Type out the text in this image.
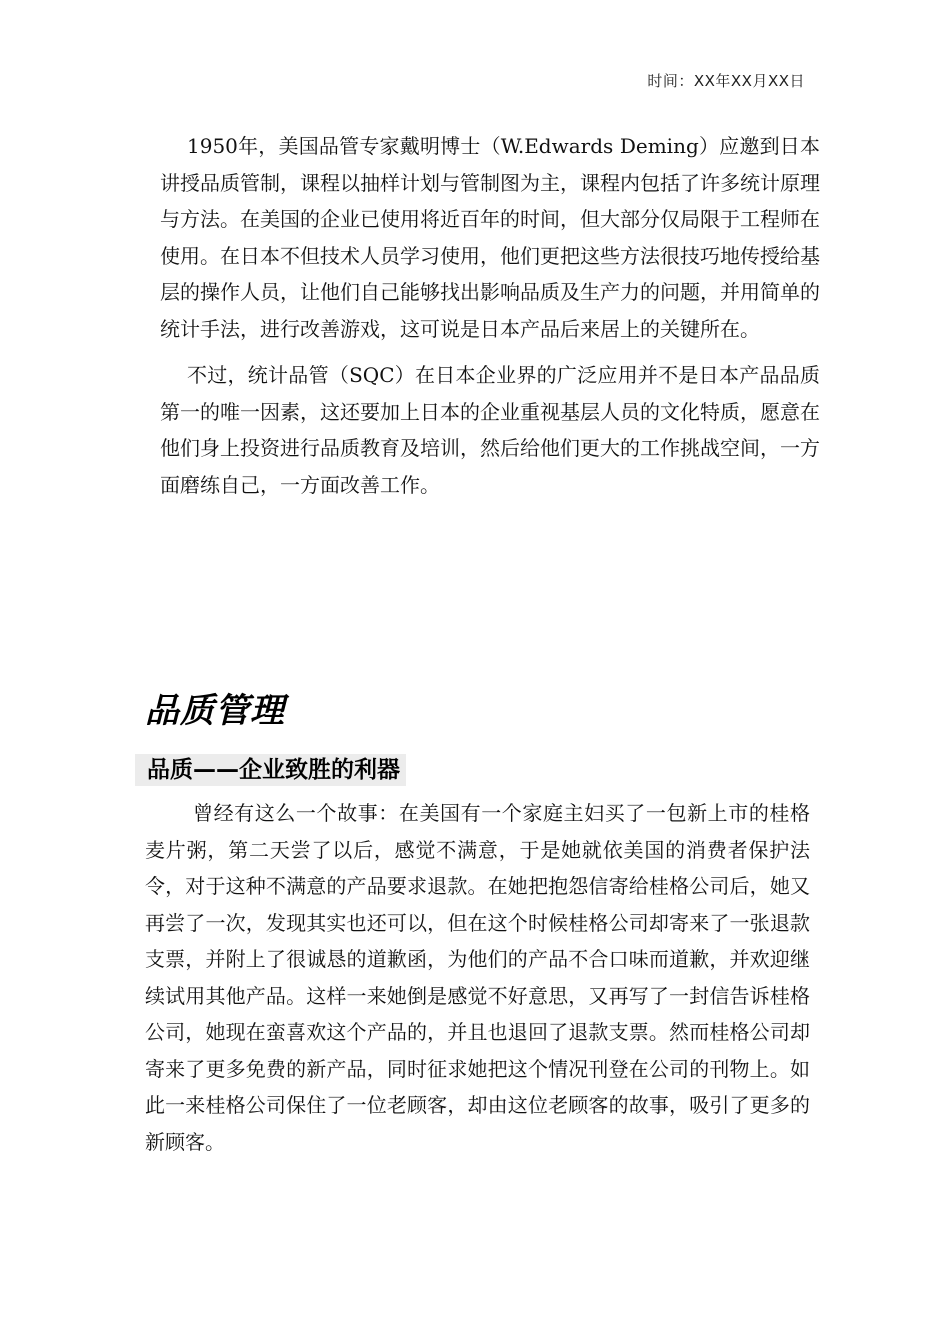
时间：XX年XX月XX日

1950年，美国品管专家戴明博士（W.Edwards Deming）应邀到日本讲授品质管制，课程以抽样计划与管制图为主，课程内包括了许多统计原理与方法。在美国的企业已使用将近百年的时间，但大部分仅局限于工程师在使用。在日本不但技术人员学习使用，他们更把这些方法很技巧地传授给基层的操作人员，让他们自己能够找出影响品质及生产力的问题，并用简单的统计手法，进行改善游戏，这可说是日本产品后来居上的关键所在。

不过，统计品管（SQC）在日本企业界的广泛应用并不是日本产品品质第一的唯一因素，这还要加上日本的企业重视基层人员的文化特质，愿意在他们身上投资进行品质教育及培训，然后给他们更大的工作挑战空间，一方面磨练自己，一方面改善工作。

品质管理
品质——企业致胜的利器

曾经有这么一个故事：在美国有一个家庭主妇买了一包新上市的桂格麦片粥，第二天尝了以后，感觉不满意，于是她就依美国的消费者保护法令，对于这种不满意的产品要求退款。在她把抱怨信寄给桂格公司后，她又再尝了一次，发现其实也还可以，但在这个时候桂格公司却寄来了一张退款支票，并附上了很诚恳的道歉函，为他们的产品不合口味而道歉，并欢迎继续试用其他产品。这样一来她倒是感觉不好意思，又再写了一封信告诉桂格公司，她现在蛮喜欢这个产品的，并且也退回了退款支票。然而桂格公司却寄来了更多免费的新产品，同时征求她把这个情况刊登在公司的刊物上。如此一来桂格公司保住了一位老顾客，却由这位老顾客的故事，吸引了更多的新顾客。
